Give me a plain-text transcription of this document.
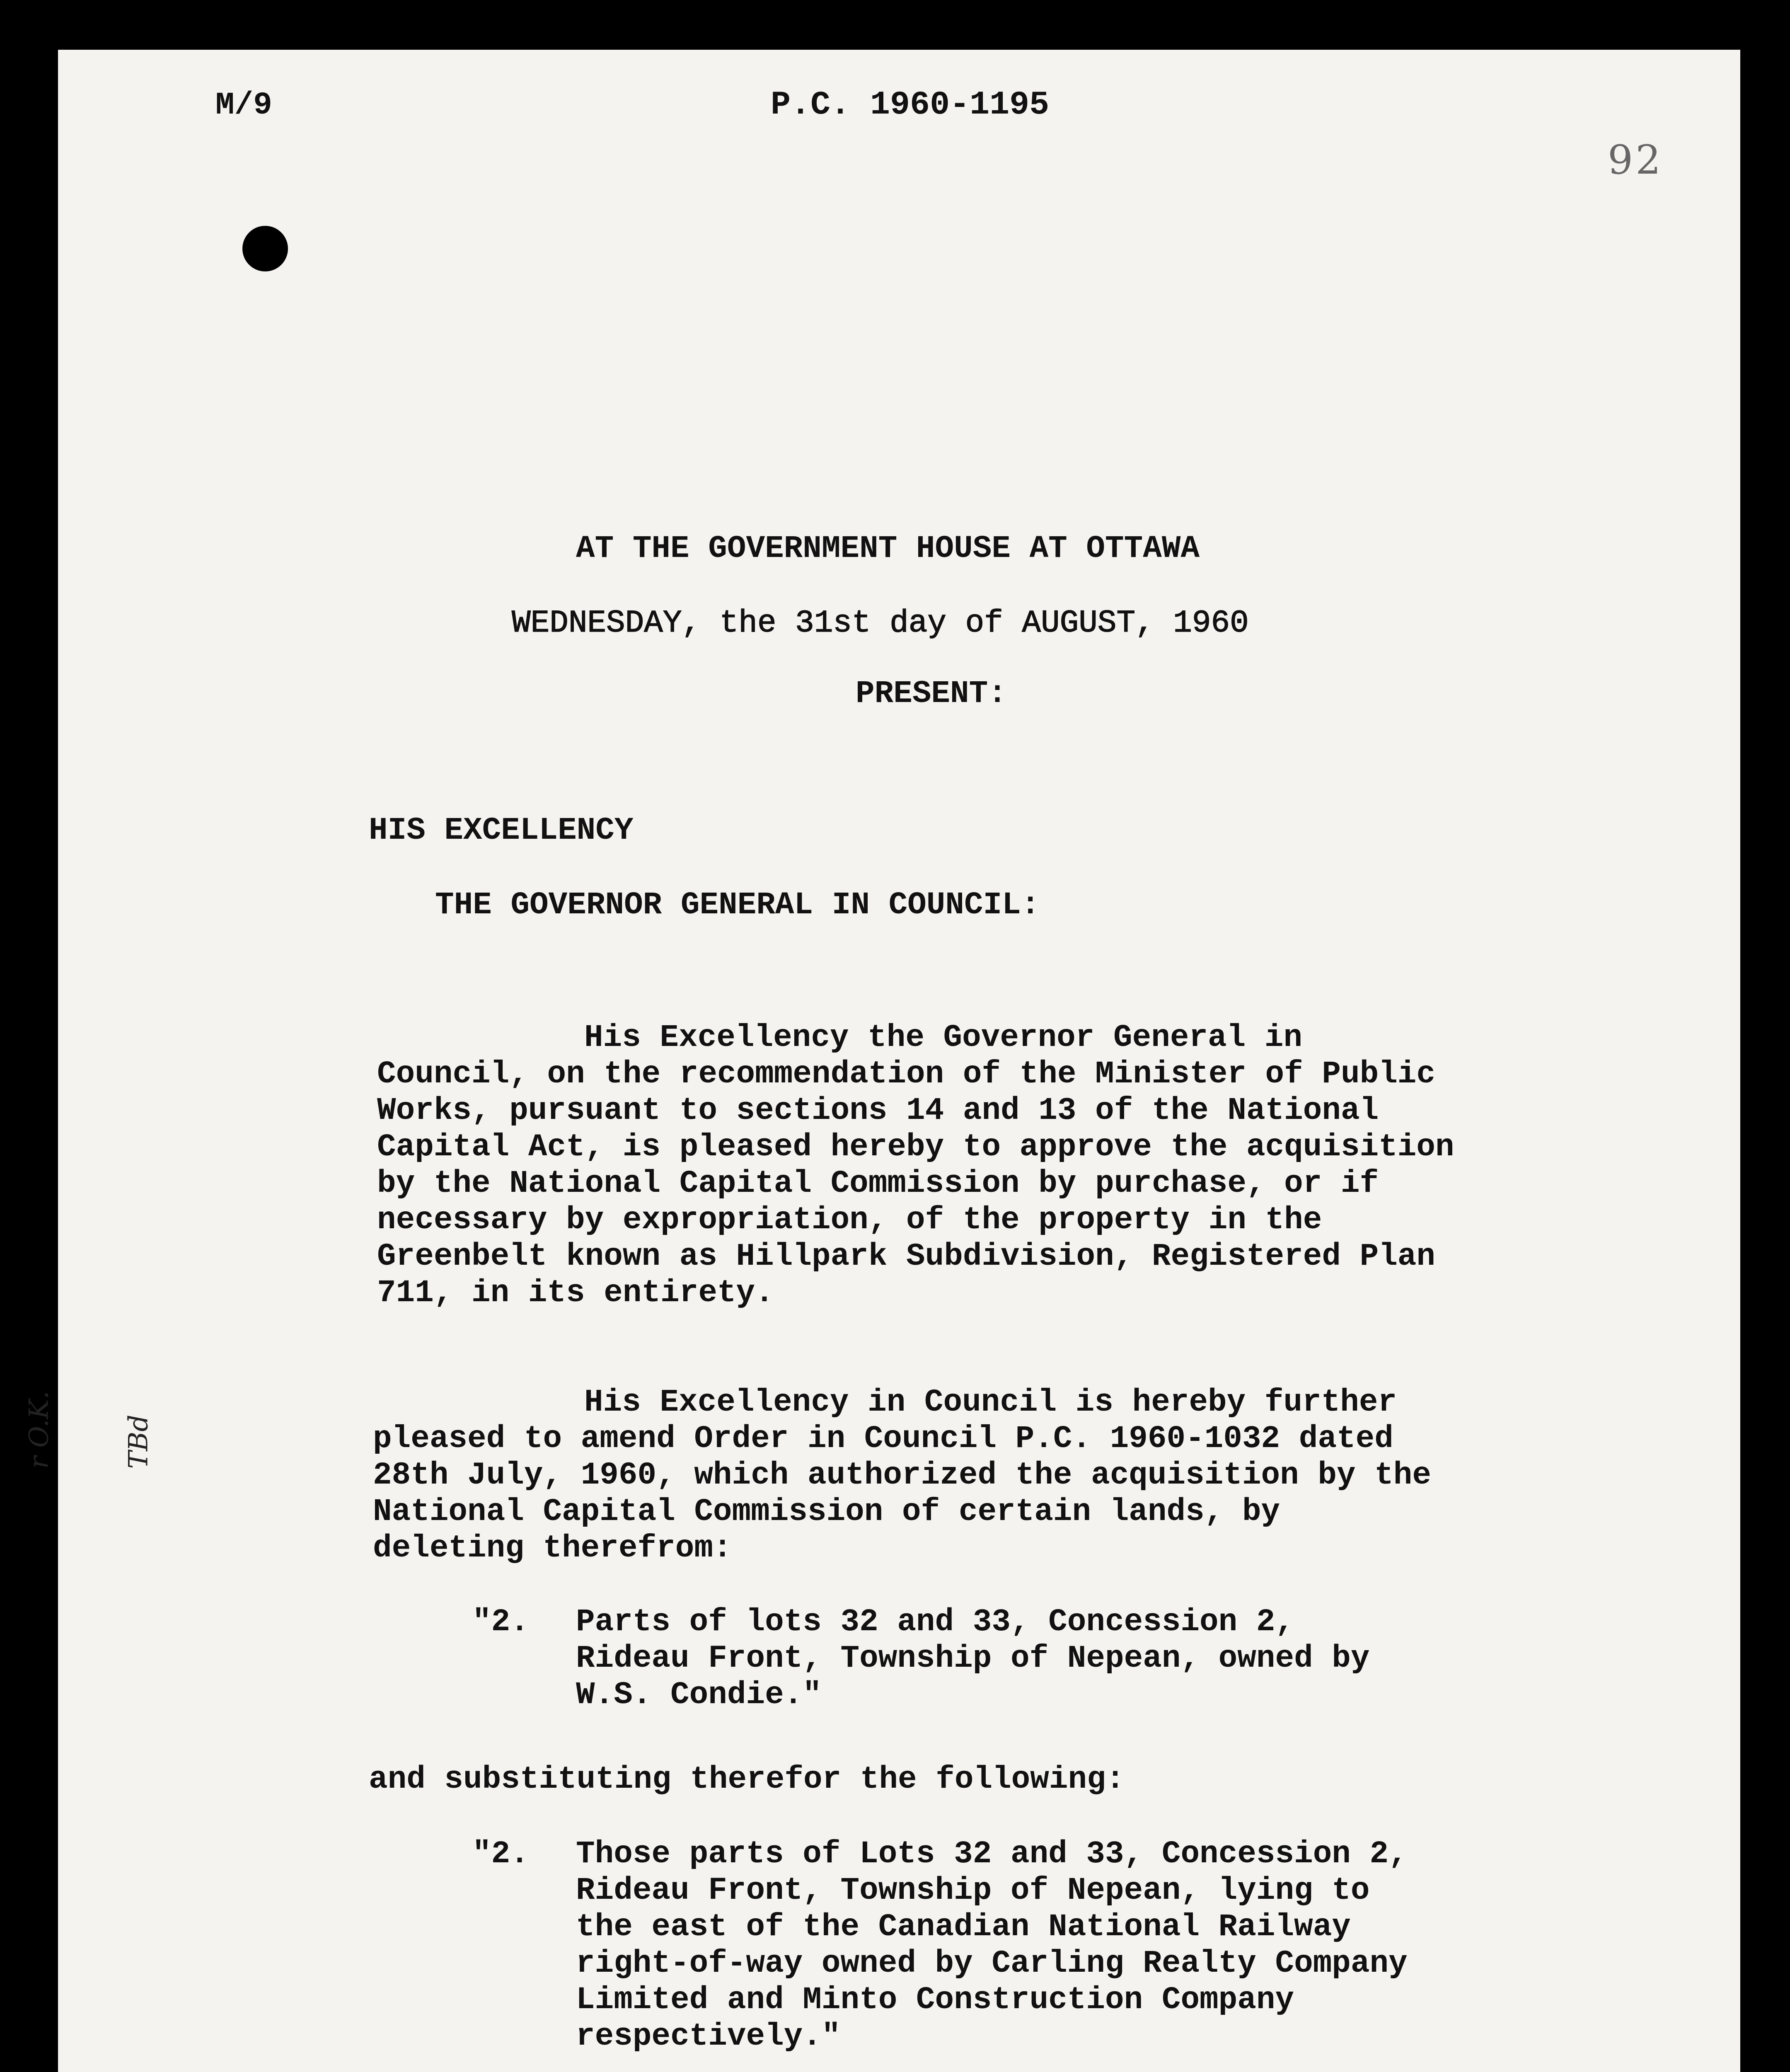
M/9	P.C. 1960-1195
92
AT THE GOVERNMENT HOUSE AT OTTAWA
WEDNESDAY, the 31st day of AUGUST, 1960
PRESENT:
HIS EXCELLENCY
THE GOVERNOR GENERAL IN COUNCIL:
His Excellency the Governor General in
Council, on the recommendation of the Minister of Public
Works, pursuant to sections 14 and 13 of the National
Capital Act, is pleased hereby to approve the acquisition
by the National Capital Commission by purchase, or if
necessary by expropriation, of the property in the
Greenbelt known as Hillpark Subdivision, Registered Plan
711, in its entirety.
His Excellency in Council is hereby further
pleased to amend Order in Council P.C. 1960-1032 dated
28th July, 1960, which authorized the acquisition by the
National Capital Commission of certain lands, by
deleting therefrom:
"2. Parts of lots 32 and 33, Concession 2,
Rideau Front, Township of Nepean, owned by
W.S. Condie."
and substituting therefor the following:
"2. Those parts of Lots 32 and 33, Concession 2,
Rideau Front, Township of Nepean, lying to
the east of the Canadian National Railway
right-of-way owned by Carling Realty Company
Limited and Minto Construction Company
respectively."

r O.K.

	TBd
